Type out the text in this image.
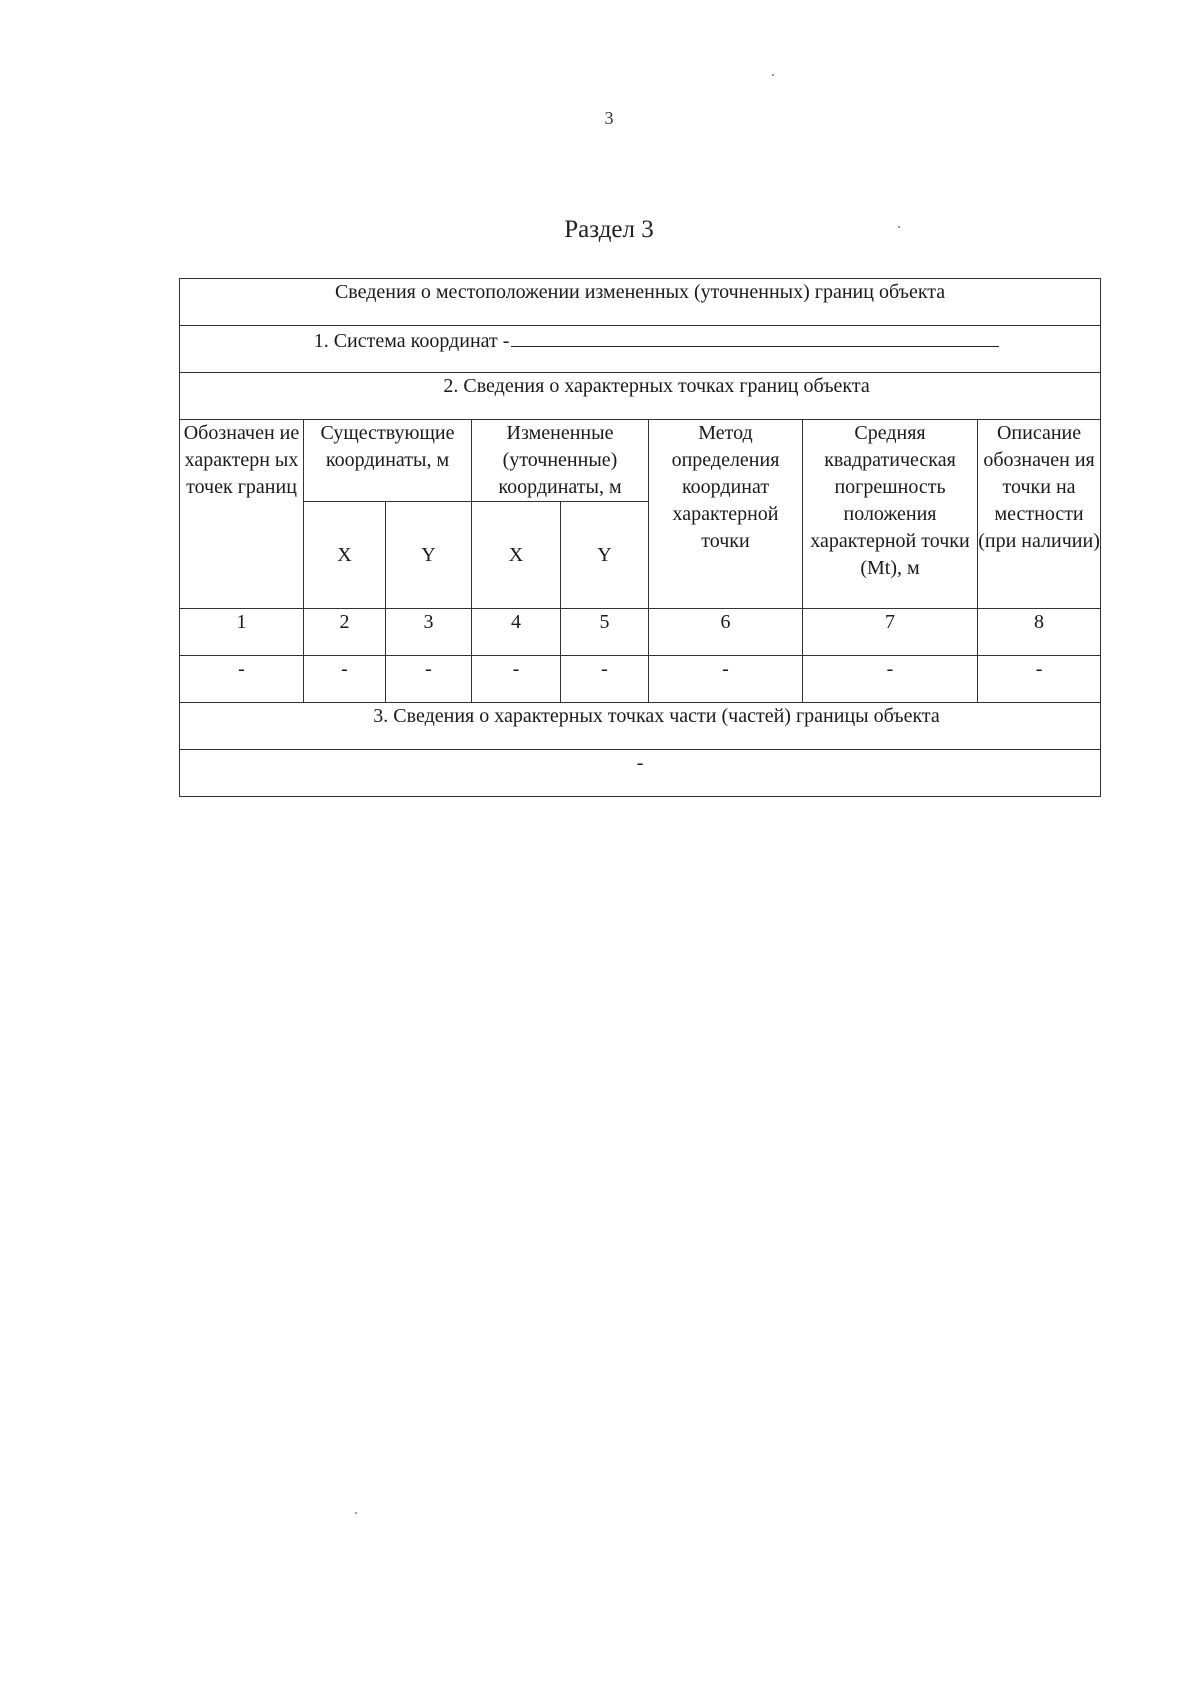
3
Раздел 3
Сведения о местоположении измененных (уточненных) границ объекта							
1. Система координат -							
2. Сведения о характерных точках границ объекта							
Обозначен ие характерн ых точек границ	Существующие координаты, м		Измененные (уточненные) координаты, м		Метод определения координат характерной точки	Средняя квадратическая погрешность положения характерной точки (Mt), м	Описание обозначен ия точки на местности (при наличии)
	X	Y	X	Y			
1	2	3	4	5	6	7	8
-	-	-	-	-	-	-	-
3. Сведения о характерных точках части (частей) границы объекта							
-							
